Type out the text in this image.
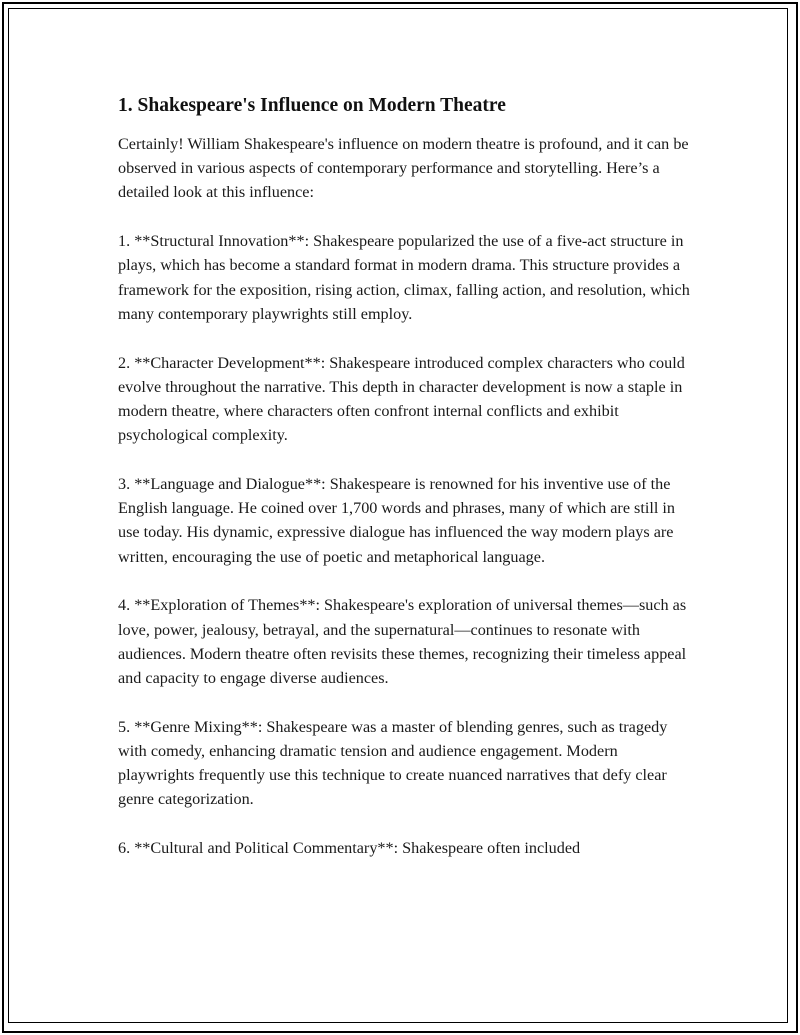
1. Shakespeare's Influence on Modern Theatre

Certainly! William Shakespeare's influence on modern theatre is profound, and it can be observed in various aspects of contemporary performance and storytelling. Here’s a detailed look at this influence:

1. **Structural Innovation**: Shakespeare popularized the use of a five-act structure in plays, which has become a standard format in modern drama. This structure provides a framework for the exposition, rising action, climax, falling action, and resolution, which many contemporary playwrights still employ.

2. **Character Development**: Shakespeare introduced complex characters who could evolve throughout the narrative. This depth in character development is now a staple in modern theatre, where characters often confront internal conflicts and exhibit psychological complexity.

3. **Language and Dialogue**: Shakespeare is renowned for his inventive use of the English language. He coined over 1,700 words and phrases, many of which are still in use today. His dynamic, expressive dialogue has influenced the way modern plays are written, encouraging the use of poetic and metaphorical language.

4. **Exploration of Themes**: Shakespeare's exploration of universal themes—such as love, power, jealousy, betrayal, and the supernatural—continues to resonate with audiences. Modern theatre often revisits these themes, recognizing their timeless appeal and capacity to engage diverse audiences.

5. **Genre Mixing**: Shakespeare was a master of blending genres, such as tragedy with comedy, enhancing dramatic tension and audience engagement. Modern playwrights frequently use this technique to create nuanced narratives that defy clear genre categorization.

6. **Cultural and Political Commentary**: Shakespeare often included
